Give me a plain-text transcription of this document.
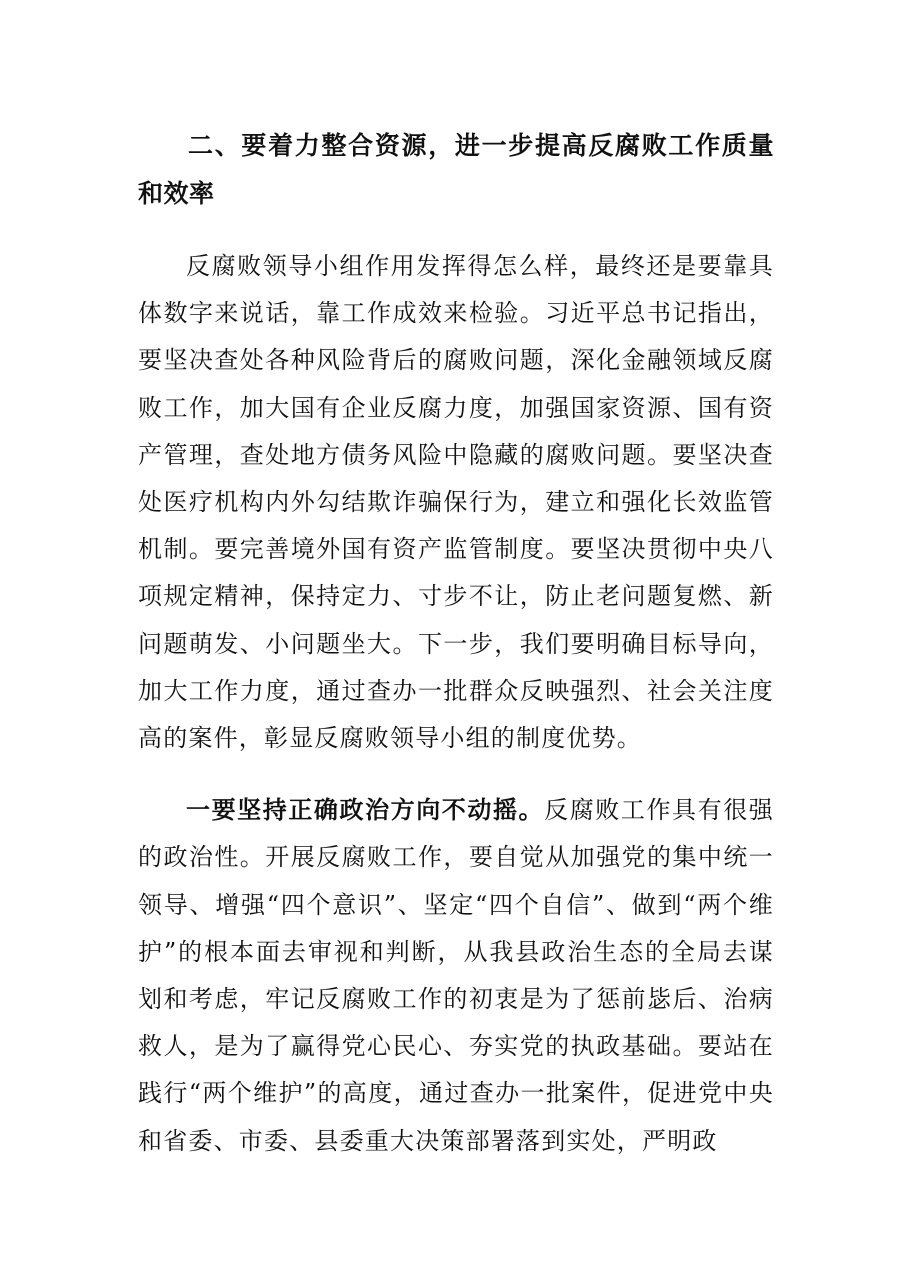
二、要着力整合资源，进一步提高反腐败工作质量和效率

反腐败领导小组作用发挥得怎么样，最终还是要靠具体数字来说话，靠工作成效来检验。习近平总书记指出，要坚决查处各种风险背后的腐败问题，深化金融领域反腐败工作，加大国有企业反腐力度，加强国家资源、国有资产管理，查处地方债务风险中隐藏的腐败问题。要坚决查处医疗机构内外勾结欺诈骗保行为，建立和强化长效监管机制。要完善境外国有资产监管制度。要坚决贯彻中央八项规定精神，保持定力、寸步不让，防止老问题复燃、新问题萌发、小问题坐大。下一步，我们要明确目标导向，加大工作力度，通过查办一批群众反映强烈、社会关注度高的案件，彰显反腐败领导小组的制度优势。

一要坚持正确政治方向不动摇。反腐败工作具有很强的政治性。开展反腐败工作，要自觉从加强党的集中统一领导、增强“四个意识”、坚定“四个自信”、做到“两个维护”的根本面去审视和判断，从我县政治生态的全局去谋划和考虑，牢记反腐败工作的初衷是为了惩前毖后、治病救人，是为了赢得党心民心、夯实党的执政基础。要站在践行“两个维护”的高度，通过查办一批案件，促进党中央和省委、市委、县委重大决策部署落到实处，严明政
